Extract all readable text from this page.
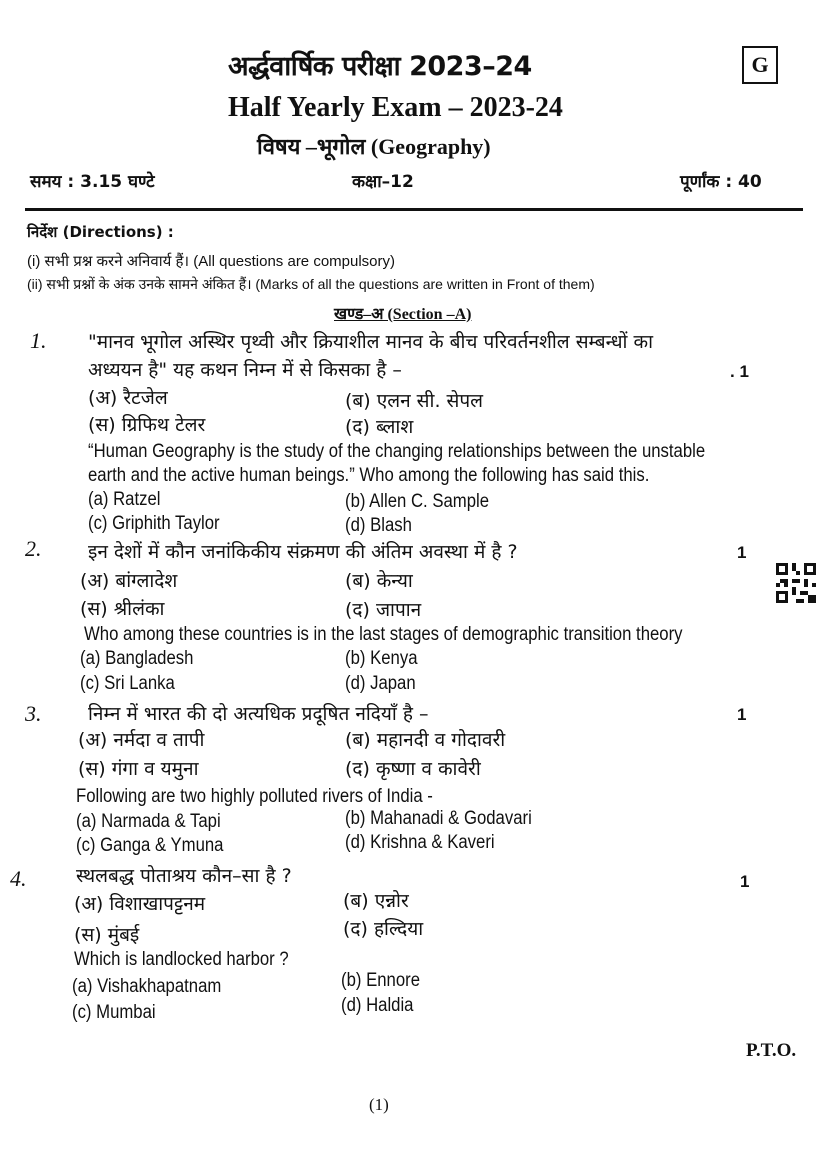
अर्द्धवार्षिक परीक्षा 2023–24	G
Half Yearly Exam – 2023-24
विषय –भूगोल (Geography)
समय : 3.15 घण्टे	कक्षा–12	पूर्णांक : 40
निर्देश (Directions) :
(i) सभी प्रश्न करने अनिवार्य हैं। (All questions are compulsory)
(ii) सभी प्रश्नों के अंक उनके सामने अंकित हैं। (Marks of all the questions are written in Front of them)
खण्ड–अ (Section –A)
1. "मानव भूगोल अस्थिर पृथ्वी और क्रियाशील मानव के बीच परिवर्तनशील सम्बन्धों का
अध्ययन है" यह कथन निम्न में से किसका है –	. 1
(अ) रैटजेल	(ब) एलन सी. सेपल
(स) ग्रिफिथ टेलर	(द) ब्लाश
“Human Geography is the study of the changing relationships between the unstable
earth and the active human beings.” Who among the following has said this.
(a) Ratzel	(b) Allen C. Sample
(c) Griphith Taylor	(d) Blash
2. इन देशों में कौन जनांकिकीय संक्रमण की अंतिम अवस्था में है ?	1
(अ) बांग्लादेश	(ब) केन्या
(स) श्रीलंका	(द) जापान
Who among these countries is in the last stages of demographic transition theory
(a) Bangladesh	(b) Kenya
(c) Sri Lanka	(d) Japan
3. निम्न में भारत की दो अत्यधिक प्रदूषित नदियाँ है –	1
(अ) नर्मदा व तापी	(ब) महानदी व गोदावरी
(स) गंगा व यमुना	(द) कृष्णा व कावेरी
Following are two highly polluted rivers of India -
(a) Narmada & Tapi	(b) Mahanadi & Godavari
(c) Ganga & Ymuna	(d) Krishna & Kaveri
4.	स्थलबद्ध पोताश्रय कौन–सा है ?	1
(अ) विशाखापट्टनम	(ब) एन्नोर
(स) मुंबई	(द) हल्दिया
Which is landlocked harbor ?
(a) Vishakhapatnam	(b) Ennore
(c) Mumbai	(d) Haldia
P.T.O.
(1)
